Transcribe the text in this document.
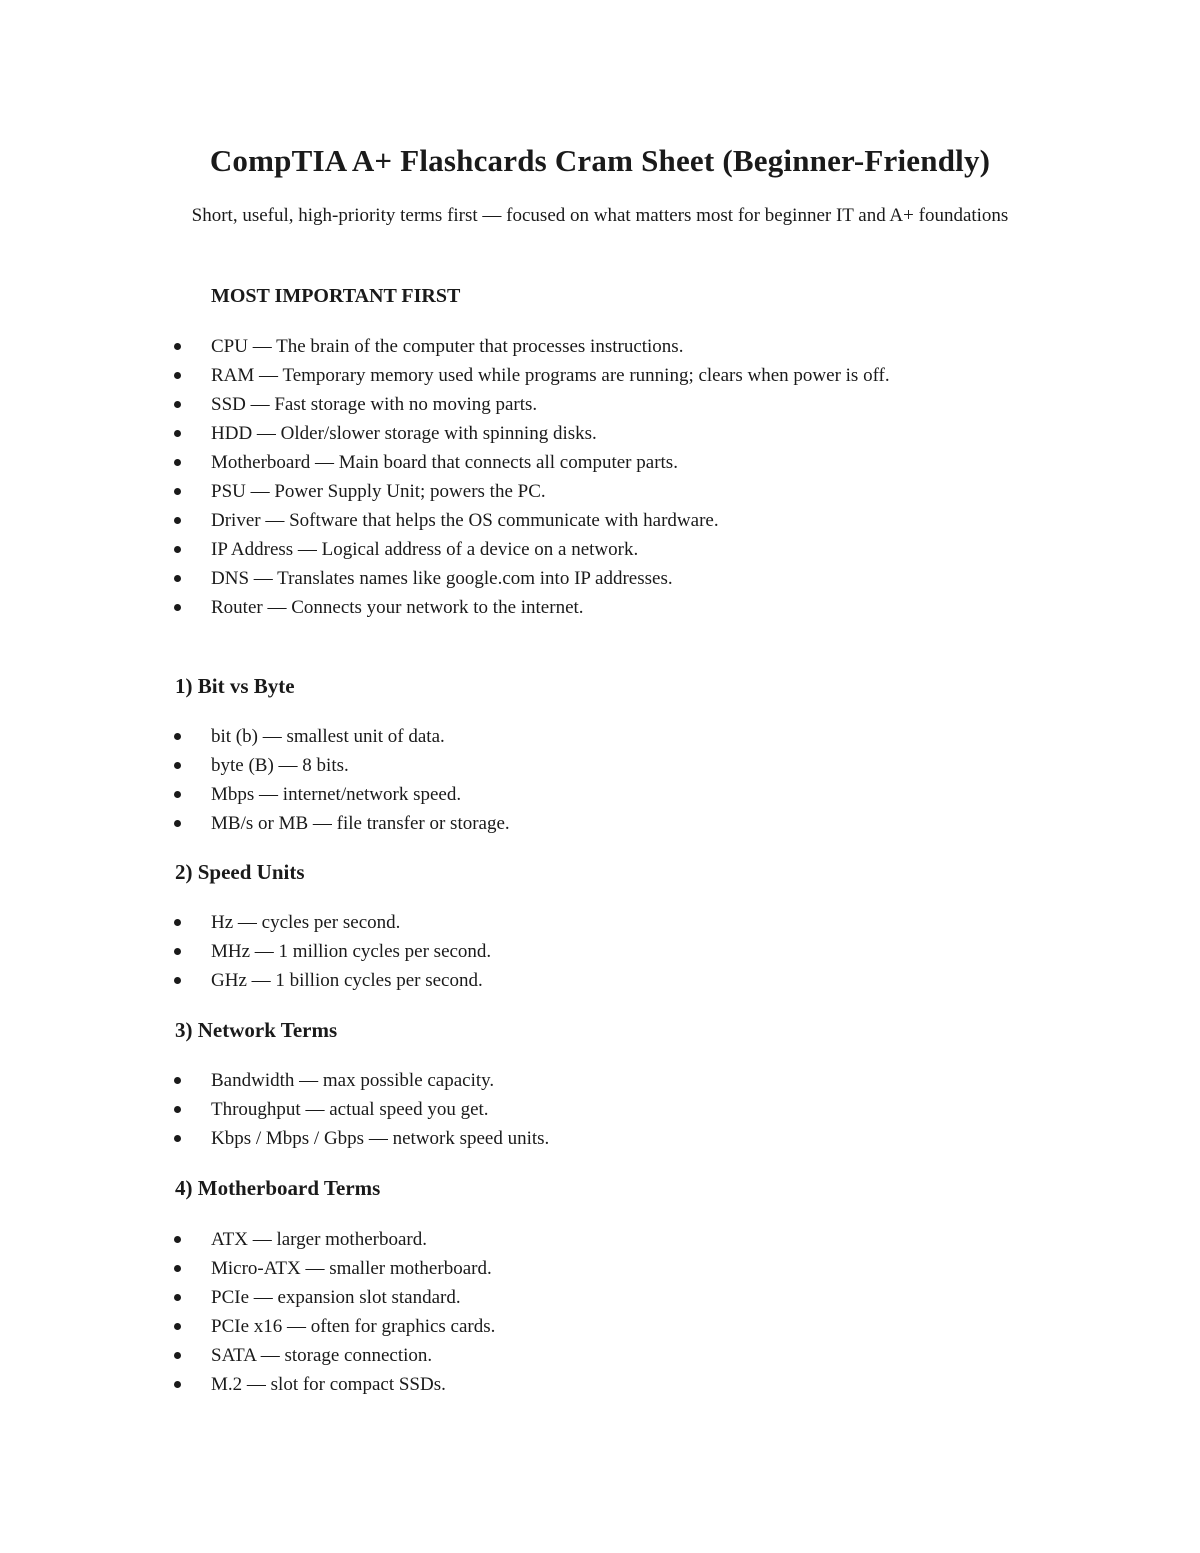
CompTIA A+ Flashcards Cram Sheet (Beginner-Friendly)

Short, useful, high-priority terms first — focused on what matters most for beginner IT and A+ foundations

MOST IMPORTANT FIRST
CPU — The brain of the computer that processes instructions.
RAM — Temporary memory used while programs are running; clears when power is off.
SSD — Fast storage with no moving parts.
HDD — Older/slower storage with spinning disks.
Motherboard — Main board that connects all computer parts.
PSU — Power Supply Unit; powers the PC.
Driver — Software that helps the OS communicate with hardware.
IP Address — Logical address of a device on a network.
DNS — Translates names like google.com into IP addresses.
Router — Connects your network to the internet.
1) Bit vs Byte
bit (b) — smallest unit of data.
byte (B) — 8 bits.
Mbps — internet/network speed.
MB/s or MB — file transfer or storage.
2) Speed Units
Hz — cycles per second.
MHz — 1 million cycles per second.
GHz — 1 billion cycles per second.
3) Network Terms
Bandwidth — max possible capacity.
Throughput — actual speed you get.
Kbps / Mbps / Gbps — network speed units.
4) Motherboard Terms
ATX — larger motherboard.
Micro-ATX — smaller motherboard.
PCIe — expansion slot standard.
PCIe x16 — often for graphics cards.
SATA — storage connection.
M.2 — slot for compact SSDs.
